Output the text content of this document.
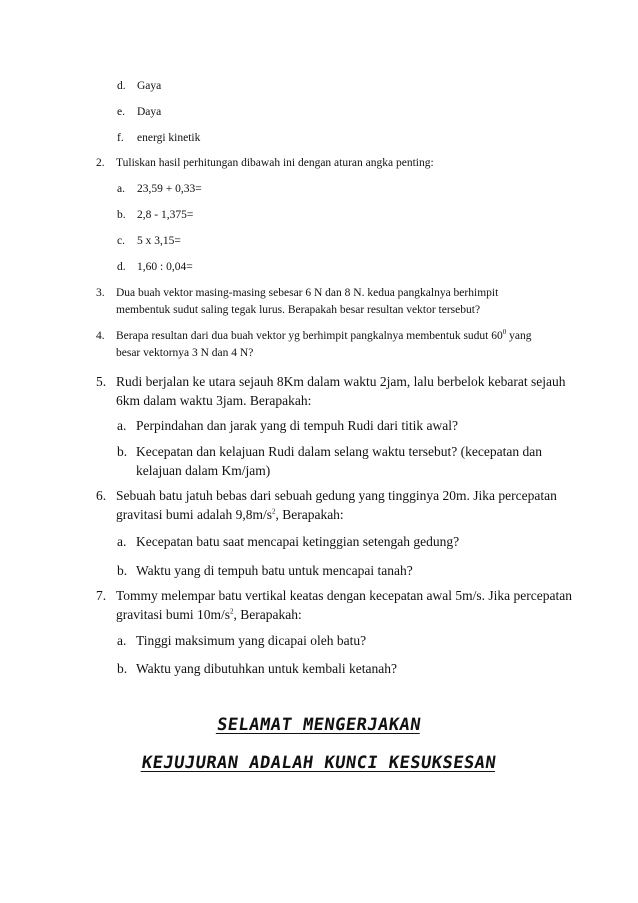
d. Gaya
e. Daya
f. energi kinetik
2. Tuliskan hasil perhitungan dibawah ini dengan aturan angka penting:
a. 23,59 + 0,33=
b. 2,8 - 1,375=
c. 5 x 3,15=
d. 1,60 : 0,04=
3. Dua buah vektor masing-masing sebesar 6 N dan 8 N. kedua pangkalnya berhimpit
membentuk sudut saling tegak lurus. Berapakah besar resultan vektor tersebut?
4. Berapa resultan dari dua buah vektor yg berhimpit pangkalnya membentuk sudut $60^0$ yang
besar vektornya 3 N dan 4 N?
5. Rudi berjalan ke utara sejauh 8Km dalam waktu 2jam, lalu berbelok kebarat sejauh
6km dalam waktu 3jam. Berapakah:
a. Perpindahan dan jarak yang di tempuh Rudi dari titik awal?
b. Kecepatan dan kelajuan Rudi dalam selang waktu tersebut? (kecepatan dan
kelajuan dalam Km/jam)
6. Sebuah batu jatuh bebas dari sebuah gedung yang tingginya 20m. Jika percepatan
gravitasi bumi adalah $9,8m/s^2$, Berapakah:
a. Kecepatan batu saat mencapai ketinggian setengah gedung?
b. Waktu yang di tempuh batu untuk mencapai tanah?
7. Tommy melempar batu vertikal keatas dengan kecepatan awal 5m/s. Jika percepatan
gravitasi bumi $10m/s^2$, Berapakah:
a. Tinggi maksimum yang dicapai oleh batu?
b. Waktu yang dibutuhkan untuk kembali ketanah?
SELAMAT MENGERJAKAN
KEJUJURAN ADALAH KUNCI KESUKSESAN
